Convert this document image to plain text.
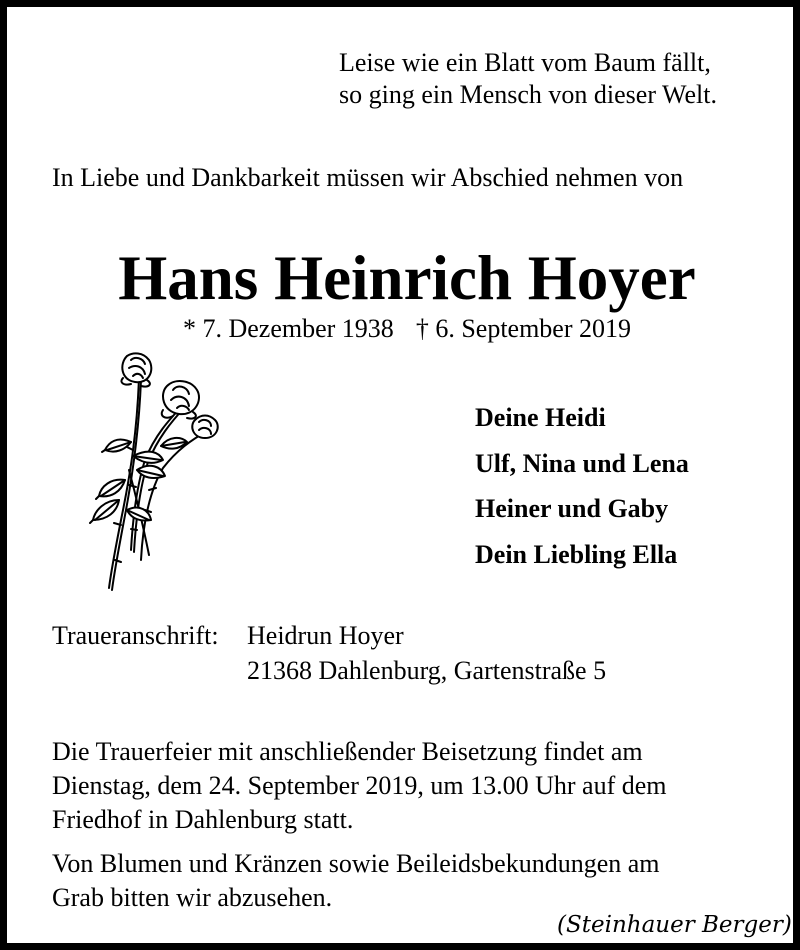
Leise wie ein Blatt vom Baum fällt,
so ging ein Mensch von dieser Welt.
In Liebe und Dankbarkeit müssen wir Abschied nehmen von
Hans Heinrich Hoyer
* 7. Dezember 1938 † 6. September 2019
Deine Heidi
Ulf, Nina und Lena
Heiner und Gaby
Dein Liebling Ella
Traueranschrift: Heidrun Hoyer
21368 Dahlenburg, Gartenstraße 5
Die Trauerfeier mit anschließender Beisetzung findet am
Dienstag, dem 24. September 2019, um 13.00 Uhr auf dem
Friedhof in Dahlenburg statt.
Von Blumen und Kränzen sowie Beileidsbekundungen am
Grab bitten wir abzusehen.
(Steinhauer Berger)
